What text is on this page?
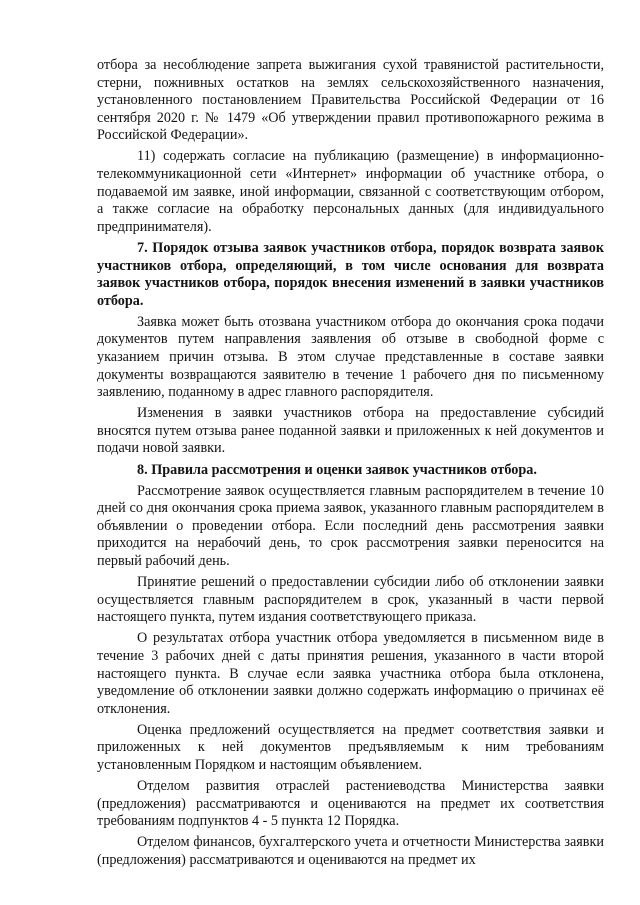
отбора за несоблюдение запрета выжигания сухой травянистой растительности, стерни, пожнивных остатков на землях сельскохозяйственного назначения, установленного постановлением Правительства Российской Федерации от 16 сентября 2020 г. № 1479 «Об утверждении правил противопожарного режима в Российской Федерации».

11) содержать согласие на публикацию (размещение) в информационно-телекоммуникационной сети «Интернет» информации об участнике отбора, о подаваемой им заявке, иной информации, связанной с соответствующим отбором, а также согласие на обработку персональных данных (для индивидуального предпринимателя).

7. Порядок отзыва заявок участников отбора, порядок возврата заявок участников отбора, определяющий, в том числе основания для возврата заявок участников отбора, порядок внесения изменений в заявки участников отбора.

Заявка может быть отозвана участником отбора до окончания срока подачи документов путем направления заявления об отзыве в свободной форме с указанием причин отзыва. В этом случае представленные в составе заявки документы возвращаются заявителю в течение 1 рабочего дня по письменному заявлению, поданному в адрес главного распорядителя.

Изменения в заявки участников отбора на предоставление субсидий вносятся путем отзыва ранее поданной заявки и приложенных к ней документов и подачи новой заявки.

8. Правила рассмотрения и оценки заявок участников отбора.

Рассмотрение заявок осуществляется главным распорядителем в течение 10 дней со дня окончания срока приема заявок, указанного главным распорядителем в объявлении о проведении отбора. Если последний день рассмотрения заявки приходится на нерабочий день, то срок рассмотрения заявки переносится на первый рабочий день.

Принятие решений о предоставлении субсидии либо об отклонении заявки осуществляется главным распорядителем в срок, указанный в части первой настоящего пункта, путем издания соответствующего приказа.

О результатах отбора участник отбора уведомляется в письменном виде в течение 3 рабочих дней с даты принятия решения, указанного в части второй настоящего пункта. В случае если заявка участника отбора была отклонена, уведомление об отклонении заявки должно содержать информацию о причинах её отклонения.

Оценка предложений осуществляется на предмет соответствия заявки и приложенных к ней документов предъявляемым к ним требованиям установленным Порядком и настоящим объявлением.

Отделом развития отраслей растениеводства Министерства заявки (предложения) рассматриваются и оцениваются на предмет их соответствия требованиям подпунктов 4 - 5 пункта 12 Порядка.

Отделом финансов, бухгалтерского учета и отчетности Министерства заявки (предложения) рассматриваются и оцениваются на предмет их
